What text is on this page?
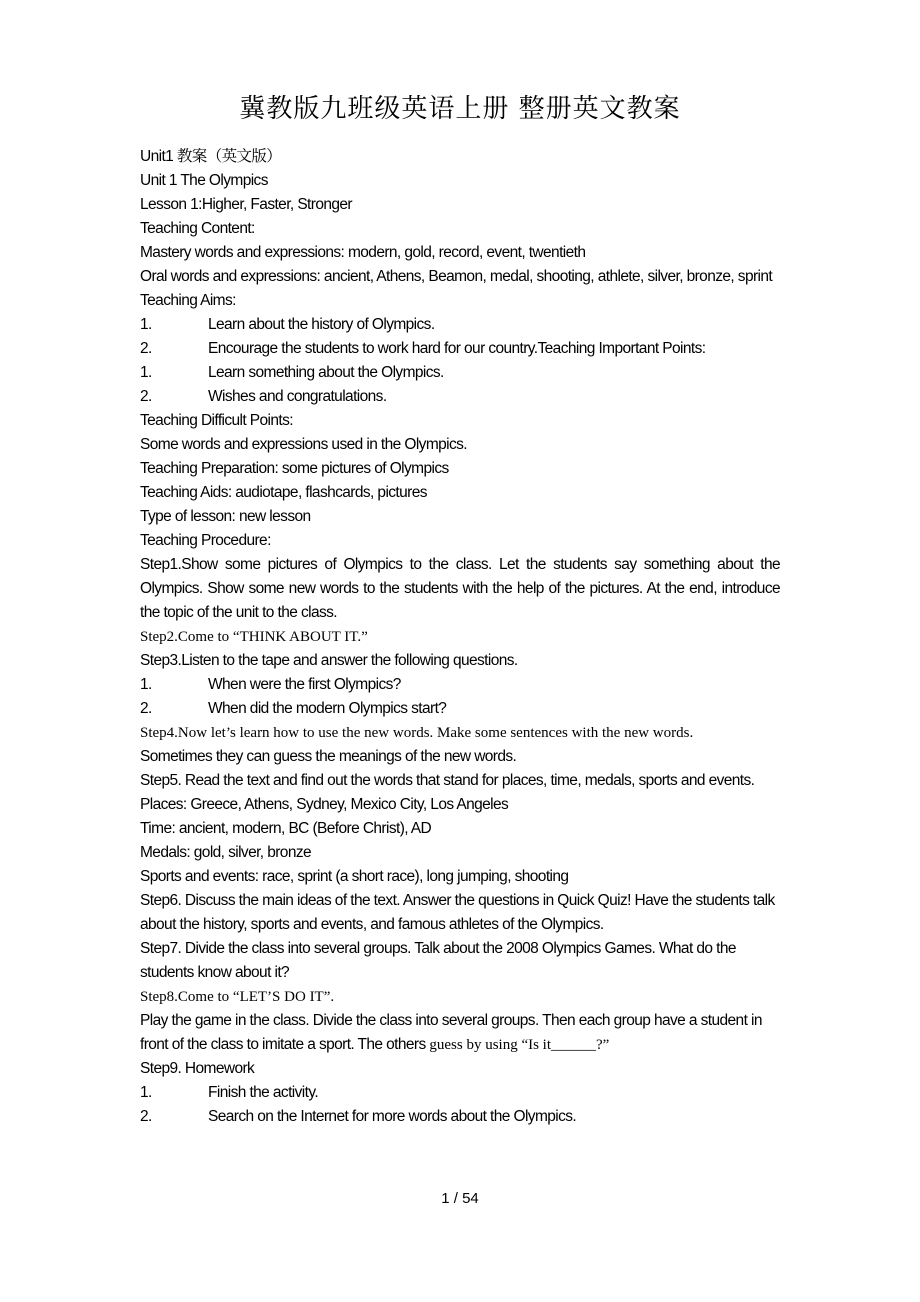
冀教版九班级英语上册 整册英文教案
Unit1 教案（英文版）
Unit 1 The Olympics
Lesson 1:Higher, Faster, Stronger
Teaching Content:
Mastery words and expressions: modern, gold, record, event, twentieth
Oral words and expressions: ancient, Athens, Beamon, medal, shooting, athlete, silver, bronze, sprint
Teaching Aims:
1.	Learn about the history of Olympics.
2.	Encourage the students to work hard for our country.Teaching Important Points:
1.	Learn something about the Olympics.
2.	Wishes and congratulations.
Teaching Difficult Points:
Some words and expressions used in the Olympics.
Teaching Preparation: some pictures of Olympics
Teaching Aids: audiotape, flashcards, pictures
Type of lesson: new lesson
Teaching Procedure:
Step1.Show some pictures of Olympics to the class. Let the students say something about the Olympics. Show some new words to the students with the help of the pictures. At the end, introduce the topic of the unit to the class.
Step2.Come to “THINK ABOUT IT.”
Step3.Listen to the tape and answer the following questions.
1.	When were the first Olympics?
2.	When did the modern Olympics start?
Step4.Now let’s learn how to use the new words. Make some sentences with the new words.
Sometimes they can guess the meanings of the new words.
Step5. Read the text and find out the words that stand for places, time, medals, sports and events.
Places: Greece, Athens, Sydney, Mexico City, Los Angeles
Time: ancient, modern, BC (Before Christ), AD
Medals: gold, silver, bronze
Sports and events: race, sprint (a short race), long jumping, shooting
Step6. Discuss the main ideas of the text. Answer the questions in Quick Quiz! Have the students talk about the history, sports and events, and famous athletes of the Olympics.
Step7. Divide the class into several groups. Talk about the 2008 Olympics Games. What do the students know about it?
Step8.Come to “LET’S DO IT”.
Play the game in the class. Divide the class into several groups. Then each group have a student in front of the class to imitate a sport. The others guess by using “Is it______?”
Step9. Homework
1.	Finish the activity.
2.	Search on the Internet for more words about the Olympics.
1 / 54
